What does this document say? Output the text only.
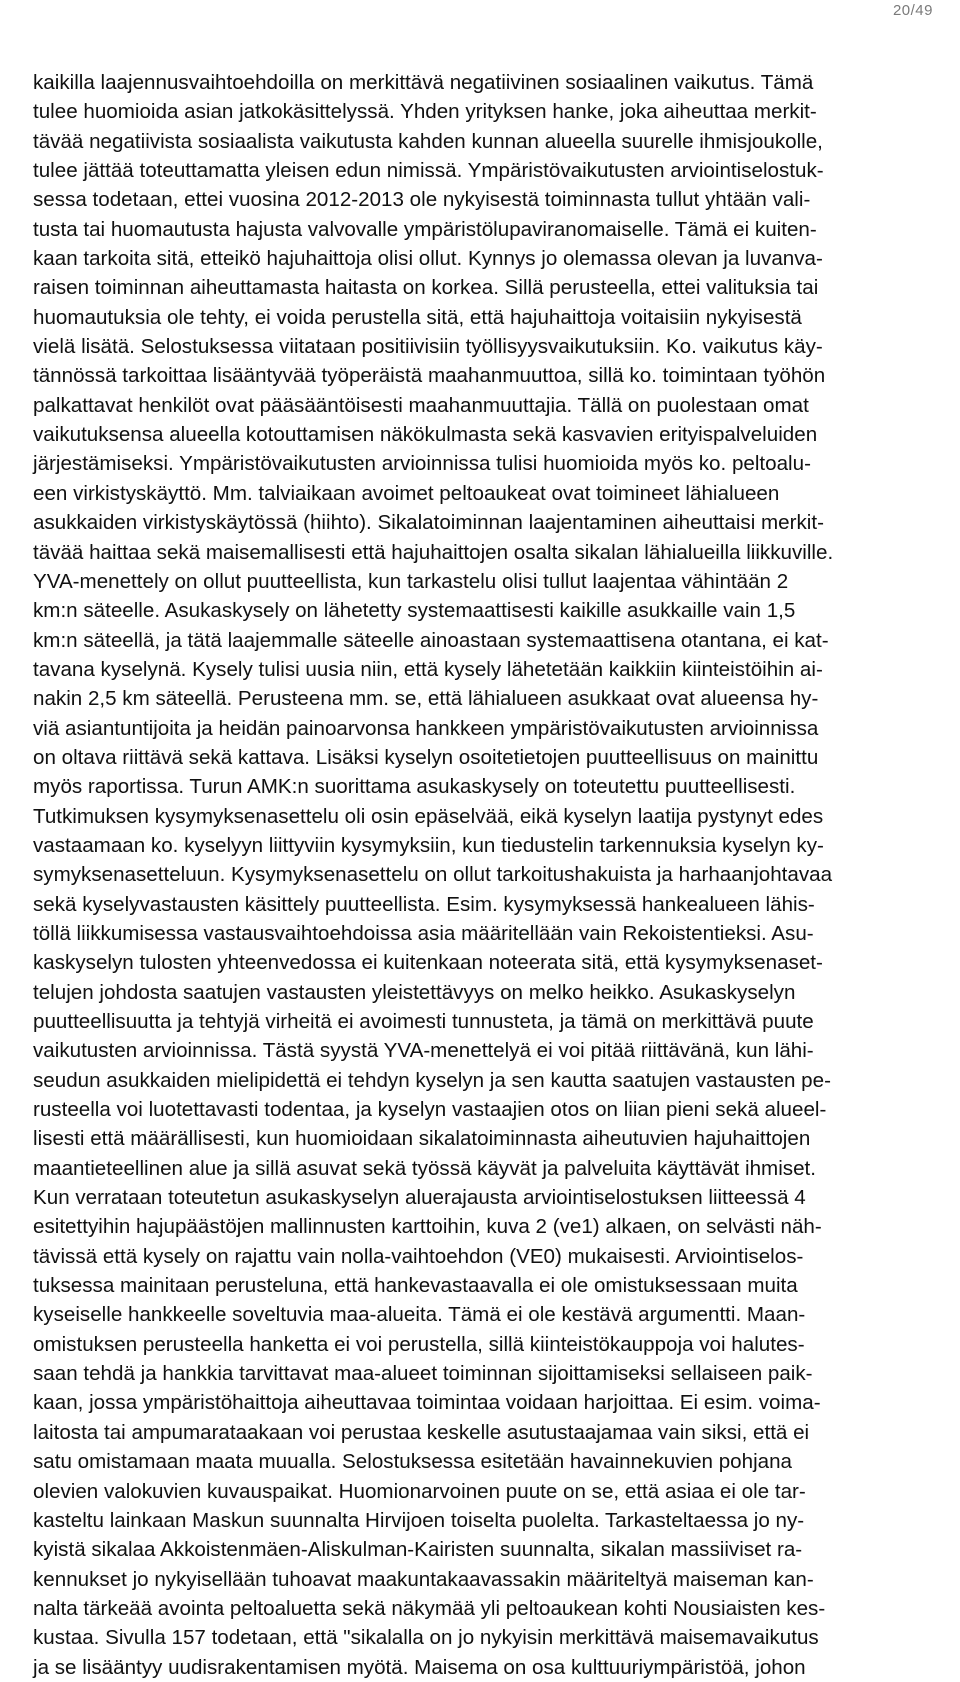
20/49
kaikilla laajennusvaihtoehdoilla on merkittävä negatiivinen sosiaalinen vaikutus. Tämä
tulee huomioida asian jatkokäsittelyssä. Yhden yrityksen hanke, joka aiheuttaa merkit-
tävää negatiivista sosiaalista vaikutusta kahden kunnan alueella suurelle ihmisjoukolle,
tulee jättää toteuttamatta yleisen edun nimissä. Ympäristövaikutusten arviointiselostuk-
sessa todetaan, ettei vuosina 2012-2013 ole nykyisestä toiminnasta tullut yhtään vali-
tusta tai huomautusta hajusta valvovalle ympäristölupaviranomaiselle. Tämä ei kuiten-
kaan tarkoita sitä, etteikö hajuhaittoja olisi ollut. Kynnys jo olemassa olevan ja luvanva-
raisen toiminnan aiheuttamasta haitasta on korkea. Sillä perusteella, ettei valituksia tai
huomautuksia ole tehty, ei voida perustella sitä, että hajuhaittoja voitaisiin nykyisestä
vielä lisätä. Selostuksessa viitataan positiivisiin työllisyysvaikutuksiin. Ko. vaikutus käy-
tännössä tarkoittaa lisääntyvää työperäistä maahanmuuttoa, sillä ko. toimintaan työhön
palkattavat henkilöt ovat pääsääntöisesti maahanmuuttajia. Tällä on puolestaan omat
vaikutuksensa alueella kotouttamisen näkökulmasta sekä kasvavien erityispalveluiden
järjestämiseksi. Ympäristövaikutusten arvioinnissa tulisi huomioida myös ko. peltoalu-
een virkistyskäyttö. Mm. talviaikaan avoimet peltoaukeat ovat toimineet lähialueen
asukkaiden virkistyskäytössä (hiihto). Sikalatoiminnan laajentaminen aiheuttaisi merkit-
tävää haittaa sekä maisemallisesti että hajuhaittojen osalta sikalan lähialueilla liikkuville.
YVA-menettely on ollut puutteellista, kun tarkastelu olisi tullut laajentaa vähintään 2
km:n säteelle. Asukaskysely on lähetetty systemaattisesti kaikille asukkaille vain 1,5
km:n säteellä, ja tätä laajemmalle säteelle ainoastaan systemaattisena otantana, ei kat-
tavana kyselynä. Kysely tulisi uusia niin, että kysely lähetetään kaikkiin kiinteistöihin ai-
nakin 2,5 km säteellä. Perusteena mm. se, että lähialueen asukkaat ovat alueensa hy-
viä asiantuntijoita ja heidän painoarvonsa hankkeen ympäristövaikutusten arvioinnissa
on oltava riittävä sekä kattava. Lisäksi kyselyn osoitetietojen puutteellisuus on mainittu
myös raportissa. Turun AMK:n suorittama asukaskysely on toteutettu puutteellisesti.
Tutkimuksen kysymyksenasettelu oli osin epäselvää, eikä kyselyn laatija pystynyt edes
vastaamaan ko. kyselyyn liittyviin kysymyksiin, kun tiedustelin tarkennuksia kyselyn ky-
symyksenasetteluun. Kysymyksenasettelu on ollut tarkoitushakuista ja harhaanjohtavaa
sekä kyselyvastausten käsittely puutteellista. Esim. kysymyksessä hankealueen lähis-
töllä liikkumisessa vastausvaihtoehdoissa asia määritellään vain Rekoistentieksi. Asu-
kaskyselyn tulosten yhteenvedossa ei kuitenkaan noteerata sitä, että kysymyksenaset-
telujen johdosta saatujen vastausten yleistettävyys on melko heikko. Asukaskyselyn
puutteellisuutta ja tehtyjä virheitä ei avoimesti tunnusteta, ja tämä on merkittävä puute
vaikutusten arvioinnissa. Tästä syystä YVA-menettelyä ei voi pitää riittävänä, kun lähi-
seudun asukkaiden mielipidettä ei tehdyn kyselyn ja sen kautta saatujen vastausten pe-
rusteella voi luotettavasti todentaa, ja kyselyn vastaajien otos on liian pieni sekä alueel-
lisesti että määrällisesti, kun huomioidaan sikalatoiminnasta aiheutuvien hajuhaittojen
maantieteellinen alue ja sillä asuvat sekä työssä käyvät ja palveluita käyttävät ihmiset.
Kun verrataan toteutetun asukaskyselyn aluerajausta arviointiselostuksen liitteessä 4
esitettyihin hajupäästöjen mallinnusten karttoihin, kuva 2 (ve1) alkaen, on selvästi näh-
tävissä että kysely on rajattu vain nolla-vaihtoehdon (VE0) mukaisesti. Arviointiselos-
tuksessa mainitaan perusteluna, että hankevastaavalla ei ole omistuksessaan muita
kyseiselle hankkeelle soveltuvia maa-alueita. Tämä ei ole kestävä argumentti. Maan-
omistuksen perusteella hanketta ei voi perustella, sillä kiinteistökauppoja voi halutes-
saan tehdä ja hankkia tarvittavat maa-alueet toiminnan sijoittamiseksi sellaiseen paik-
kaan, jossa ympäristöhaittoja aiheuttavaa toimintaa voidaan harjoittaa. Ei esim. voima-
laitosta tai ampumarataakaan voi perustaa keskelle asutustaajamaa vain siksi, että ei
satu omistamaan maata muualla. Selostuksessa esitetään havainnekuvien pohjana
olevien valokuvien kuvauspaikat. Huomionarvoinen puute on se, että asiaa ei ole tar-
kasteltu lainkaan Maskun suunnalta Hirvijoen toiselta puolelta. Tarkasteltaessa jo ny-
kyistä sikalaa Akkoistenmäen-Aliskulman-Kairisten suunnalta, sikalan massiiviset ra-
kennukset jo nykyisellään tuhoavat maakuntakaavassakin määriteltyä maiseman kan-
nalta tärkeää avointa peltoaluetta sekä näkymää yli peltoaukean kohti Nousiaisten kes-
kustaa. Sivulla 157 todetaan, että "sikalalla on jo nykyisin merkittävä maisemavaikutus
ja se lisääntyy uudisrakentamisen myötä. Maisema on osa kulttuuriympäristöä, johon
